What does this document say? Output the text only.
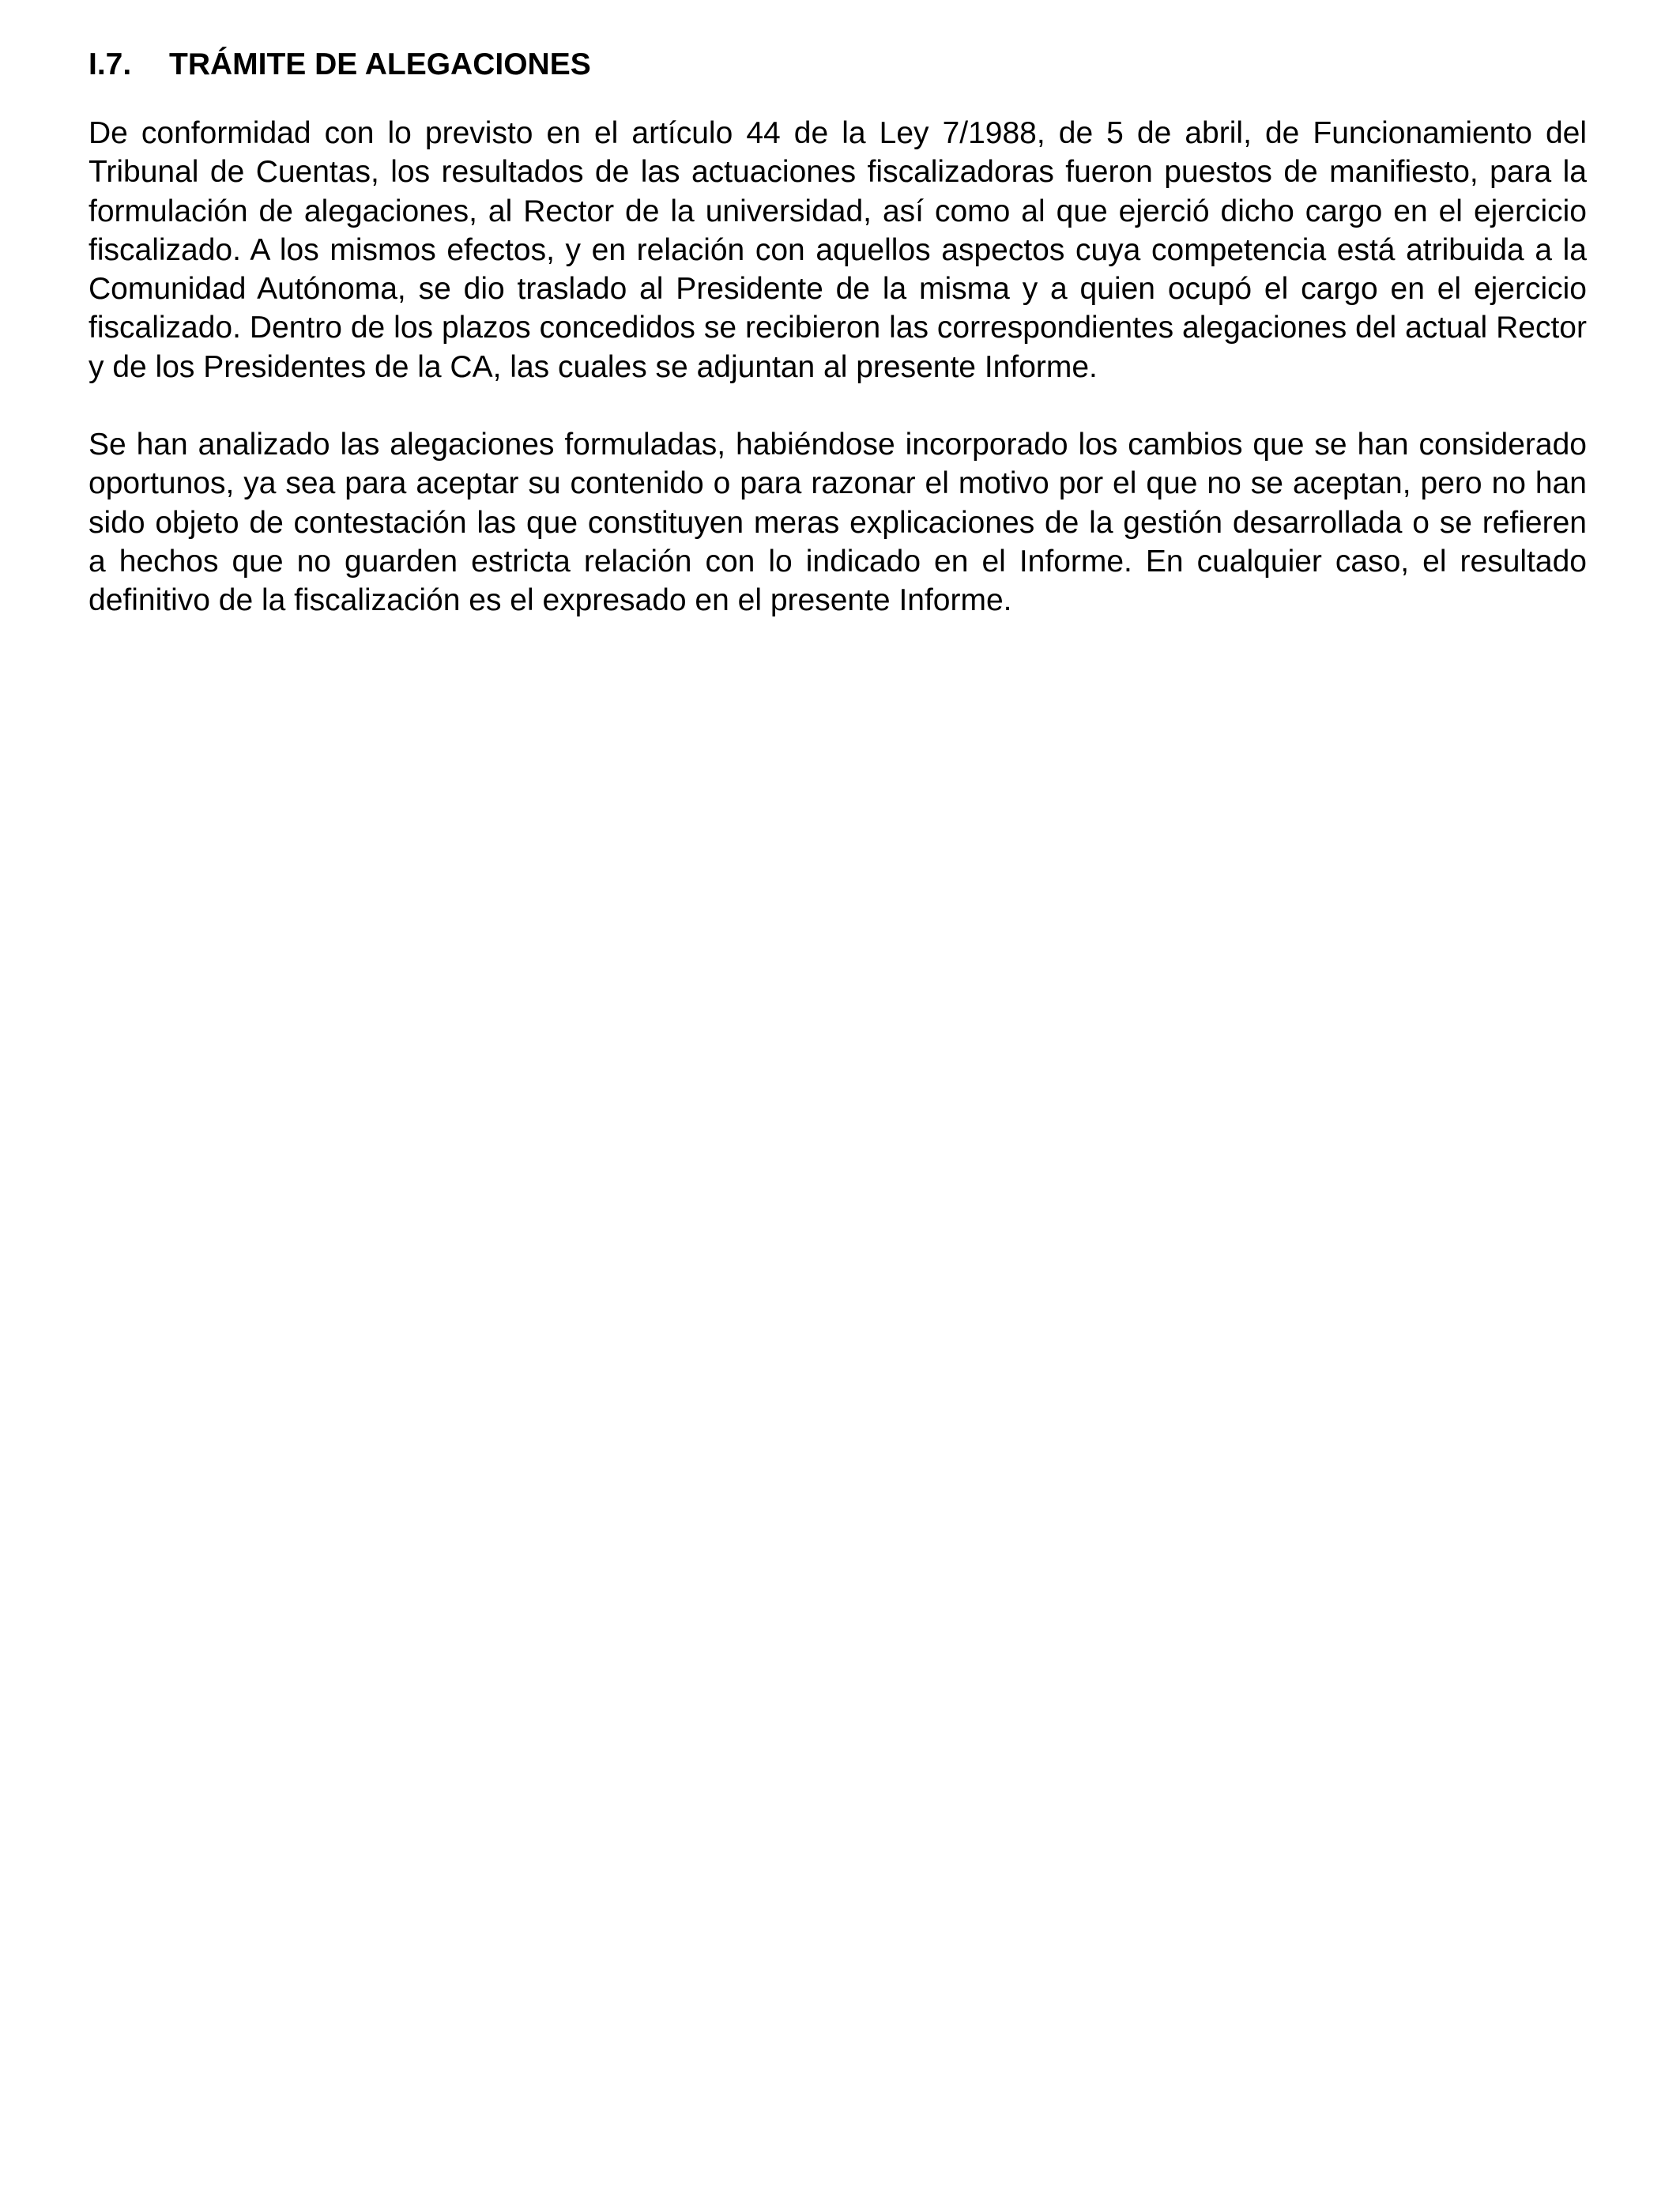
I.7.	TRÁMITE DE ALEGACIONES

De conformidad con lo previsto en el artículo 44 de la Ley 7/1988, de 5 de abril, de Funcionamiento del Tribunal de Cuentas, los resultados de las actuaciones fiscalizadoras fueron puestos de manifiesto, para la formulación de alegaciones, al Rector de la universidad, así como al que ejerció dicho cargo en el ejercicio fiscalizado. A los mismos efectos, y en relación con aquellos aspectos cuya competencia está atribuida a la Comunidad Autónoma, se dio traslado al Presidente de la misma y a quien ocupó el cargo en el ejercicio fiscalizado. Dentro de los plazos concedidos se recibieron las correspondientes alegaciones del actual Rector y de los Presidentes de la CA, las cuales se adjuntan al presente Informe.

Se han analizado las alegaciones formuladas, habiéndose incorporado los cambios que se han considerado oportunos, ya sea para aceptar su contenido o para razonar el motivo por el que no se aceptan, pero no han sido objeto de contestación las que constituyen meras explicaciones de la gestión desarrollada o se refieren a hechos que no guarden estricta relación con lo indicado en el Informe. En cualquier caso, el resultado definitivo de la fiscalización es el expresado en el presente Informe.
